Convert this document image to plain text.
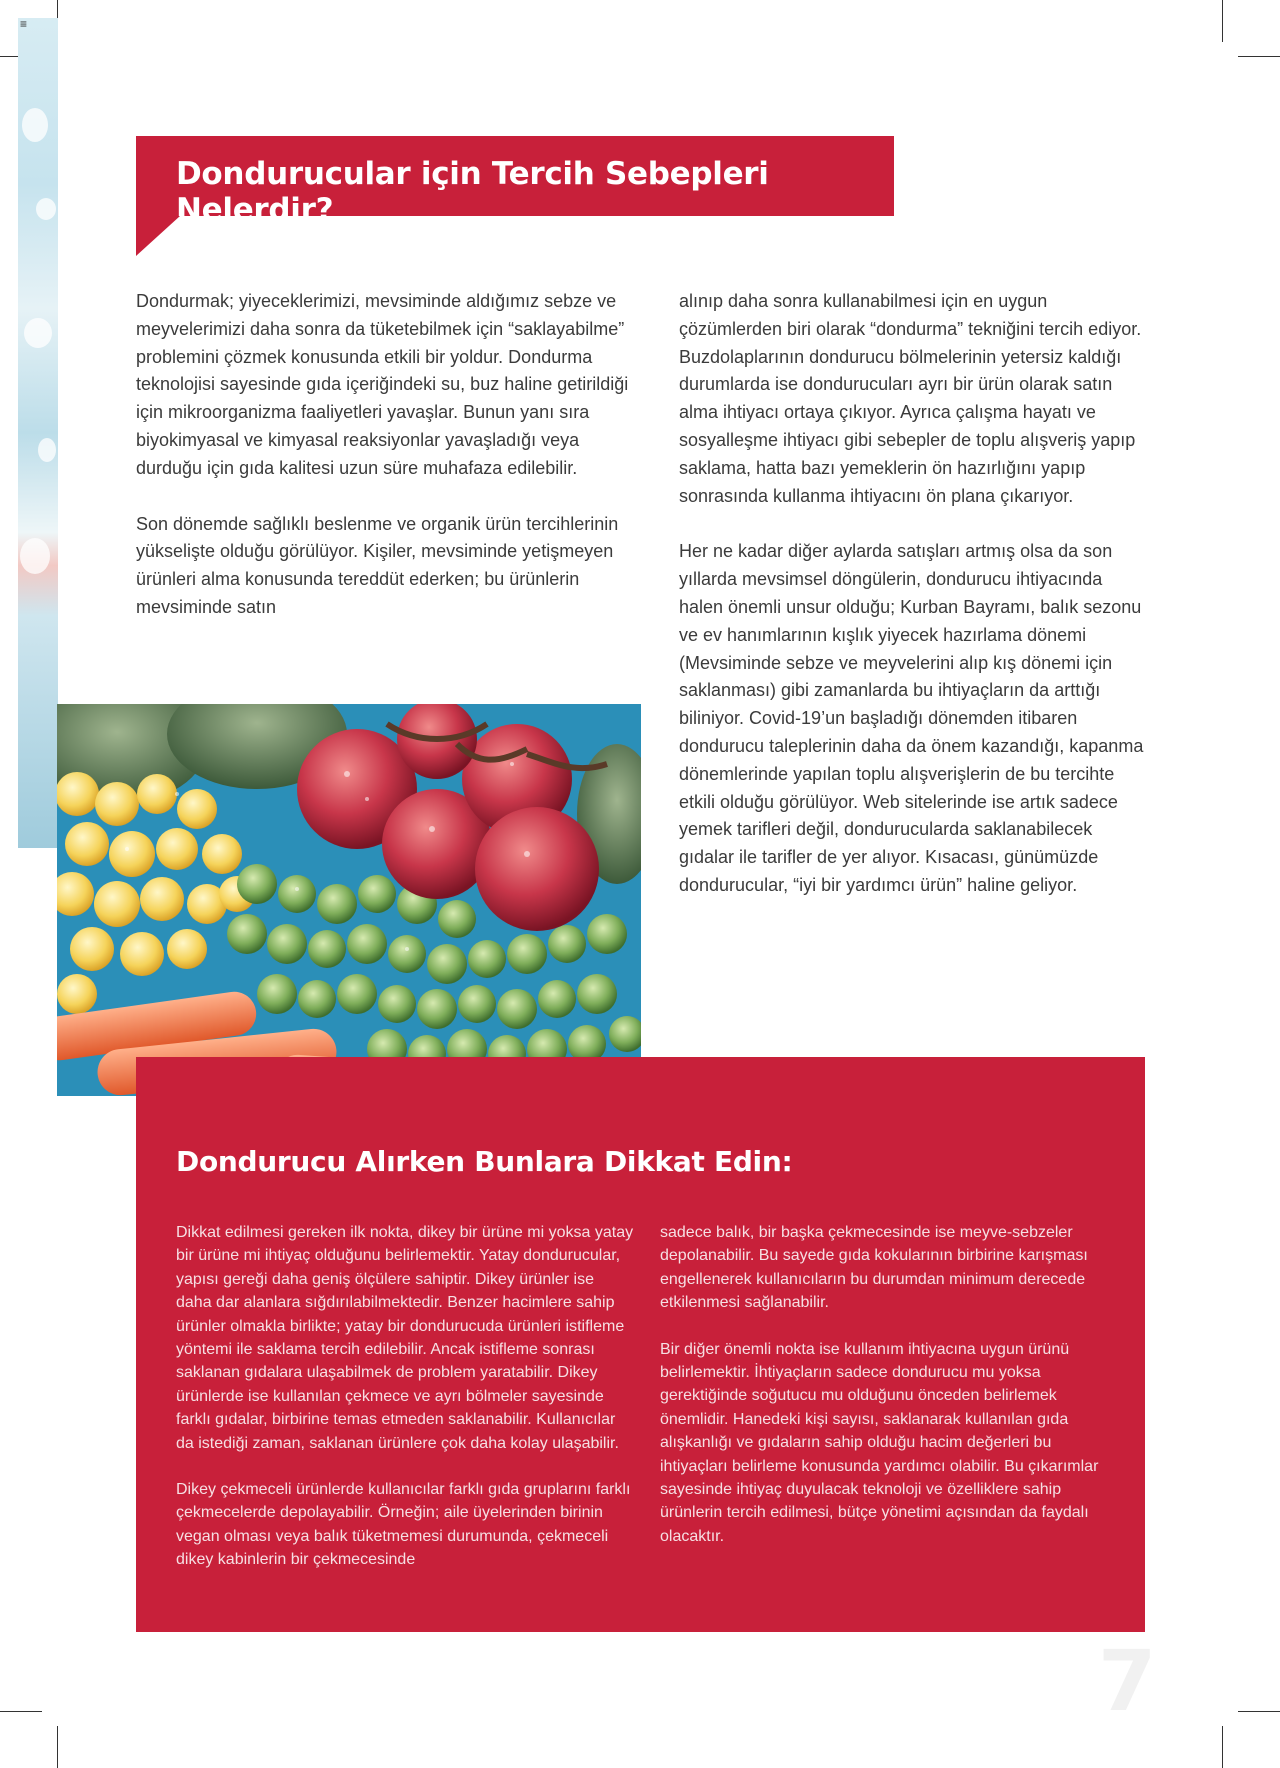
≡
Dondurucular için Tercih Sebepleri Nelerdir?

Dondurmak; yiyeceklerimizi, mevsiminde aldığımız sebze ve meyvelerimizi daha sonra da tüketebilmek için “saklayabilme” problemini çözmek konusunda etkili bir yoldur. Dondurma teknolojisi sayesinde gıda içeriğindeki su, buz haline getirildiği için mikroorganizma faaliyetleri yavaşlar. Bunun yanı sıra biyokimyasal ve kimyasal reaksiyonlar yavaşladığı veya durduğu için gıda kalitesi uzun süre muhafaza edilebilir.

Son dönemde sağlıklı beslenme ve organik ürün tercihlerinin yükselişte olduğu görülüyor. Kişiler, mevsiminde yetişmeyen ürünleri alma konusunda tereddüt ederken; bu ürünlerin mevsiminde satın

alınıp daha sonra kullanabilmesi için en uygun çözümlerden biri olarak “dondurma” tekniğini tercih ediyor. Buzdolaplarının dondurucu bölmelerinin yetersiz kaldığı durumlarda ise dondurucuları ayrı bir ürün olarak satın alma ihtiyacı ortaya çıkıyor. Ayrıca çalışma hayatı ve sosyalleşme ihtiyacı gibi sebepler de toplu alışveriş yapıp saklama, hatta bazı yemeklerin ön hazırlığını yapıp sonrasında kullanma ihtiyacını ön plana çıkarıyor.

Her ne kadar diğer aylarda satışları artmış olsa da son yıllarda mevsimsel döngülerin, dondurucu ihtiyacında halen önemli unsur olduğu; Kurban Bayramı, balık sezonu ve ev hanımlarının kışlık yiyecek hazırlama dönemi (Mevsiminde sebze ve meyvelerini alıp kış dönemi için saklanması) gibi zamanlarda bu ihtiyaçların da arttığı biliniyor. Covid-19’un başladığı dönemden itibaren dondurucu taleplerinin daha da önem kazandığı, kapanma dönemlerinde yapılan toplu alışverişlerin de bu tercihte etkili olduğu görülüyor. Web sitelerinde ise artık sadece yemek tarifleri değil, dondurucularda saklanabilecek gıdalar ile tarifler de yer alıyor. Kısacası, günümüzde dondurucular, “iyi bir yardımcı ürün” haline geliyor.

Dondurucu Alırken Bunlara Dikkat Edin:

Dikkat edilmesi gereken ilk nokta, dikey bir ürüne mi yoksa yatay bir ürüne mi ihtiyaç olduğunu belirlemektir. Yatay dondurucular, yapısı gereği daha geniş ölçülere sahiptir. Dikey ürünler ise daha dar alanlara sığdırılabilmektedir. Benzer hacimlere sahip ürünler olmakla birlikte; yatay bir dondurucuda ürünleri istifleme yöntemi ile saklama tercih edilebilir. Ancak istifleme sonrası saklanan gıdalara ulaşabilmek de problem yaratabilir. Dikey ürünlerde ise kullanılan çekmece ve ayrı bölmeler sayesinde farklı gıdalar, birbirine temas etmeden saklanabilir. Kullanıcılar da istediği zaman, saklanan ürünlere çok daha kolay ulaşabilir.

Dikey çekmeceli ürünlerde kullanıcılar farklı gıda gruplarını farklı çekmecelerde depolayabilir. Örneğin; aile üyelerinden birinin vegan olması veya balık tüketmemesi durumunda, çekmeceli dikey kabinlerin bir çekmecesinde

sadece balık, bir başka çekmecesinde ise meyve-sebzeler depolanabilir. Bu sayede gıda kokularının birbirine karışması engellenerek kullanıcıların bu durumdan minimum derecede etkilenmesi sağlanabilir.

Bir diğer önemli nokta ise kullanım ihtiyacına uygun ürünü belirlemektir. İhtiyaçların sadece dondurucu mu yoksa gerektiğinde soğutucu mu olduğunu önceden belirlemek önemlidir. Hanedeki kişi sayısı, saklanarak kullanılan gıda alışkanlığı ve gıdaların sahip olduğu hacim değerleri bu ihtiyaçları belirleme konusunda yardımcı olabilir. Bu çıkarımlar sayesinde ihtiyaç duyulacak teknoloji ve özelliklere sahip ürünlerin tercih edilmesi, bütçe yönetimi açısından da faydalı olacaktır.

7
